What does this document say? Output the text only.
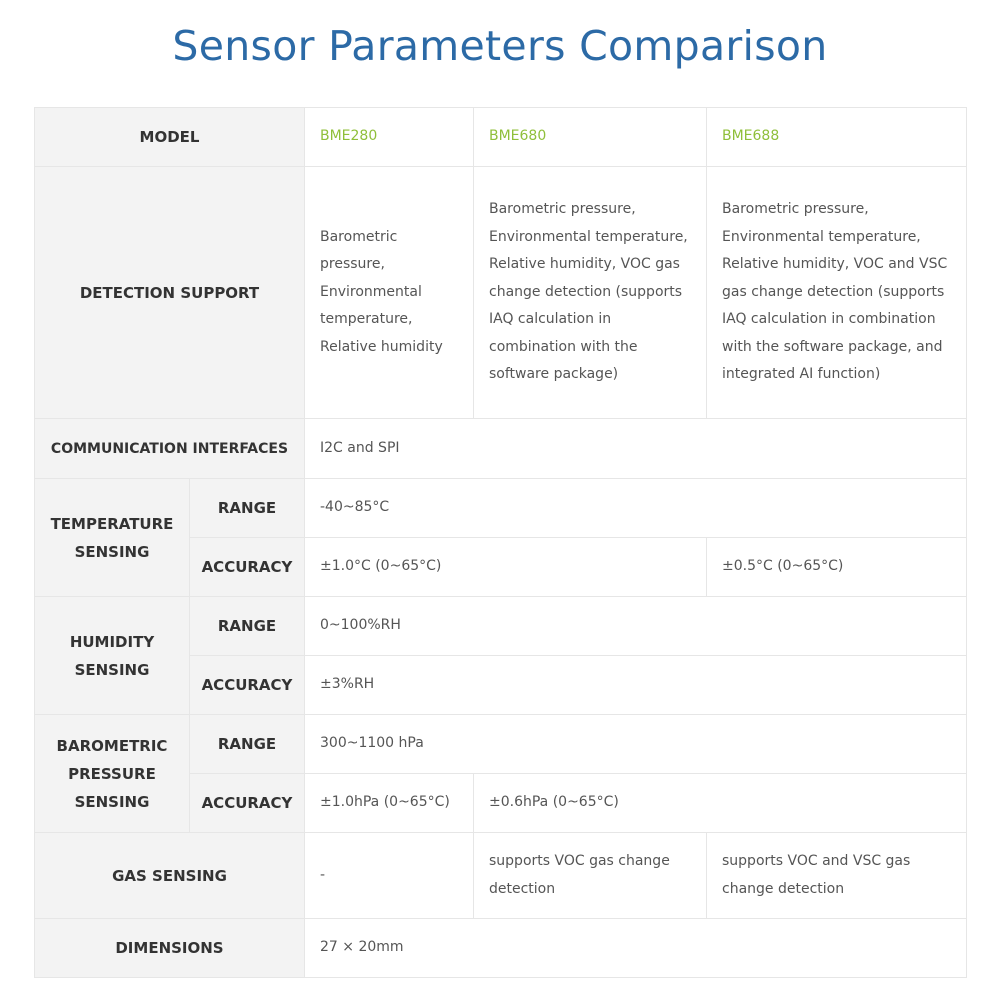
Sensor Parameters Comparison
MODEL		BME280	BME680	BME688
DETECTION SUPPORT		Barometric pressure, Environmental temperature, Relative humidity	Barometric pressure, Environmental temperature, Relative humidity, VOC gas change detection (supports IAQ calculation in combination with the software package)	Barometric pressure, Environmental temperature, Relative humidity, VOC and VSC gas change detection (supports IAQ calculation in combination with the software package, and integrated AI function)
COMMUNICATION INTERFACES		I2C and SPI		
TEMPERATURE SENSING	RANGE	-40~85°C		
	ACCURACY	±1.0°C (0~65°C)		±0.5°C (0~65°C)
HUMIDITY SENSING	RANGE	0~100%RH		
	ACCURACY	±3%RH		
BAROMETRIC PRESSURE SENSING	RANGE	300~1100 hPa		
	ACCURACY	±1.0hPa (0~65°C)	±0.6hPa (0~65°C)	
GAS SENSING		-	supports VOC gas change detection	supports VOC and VSC gas change detection
DIMENSIONS		27 × 20mm		
